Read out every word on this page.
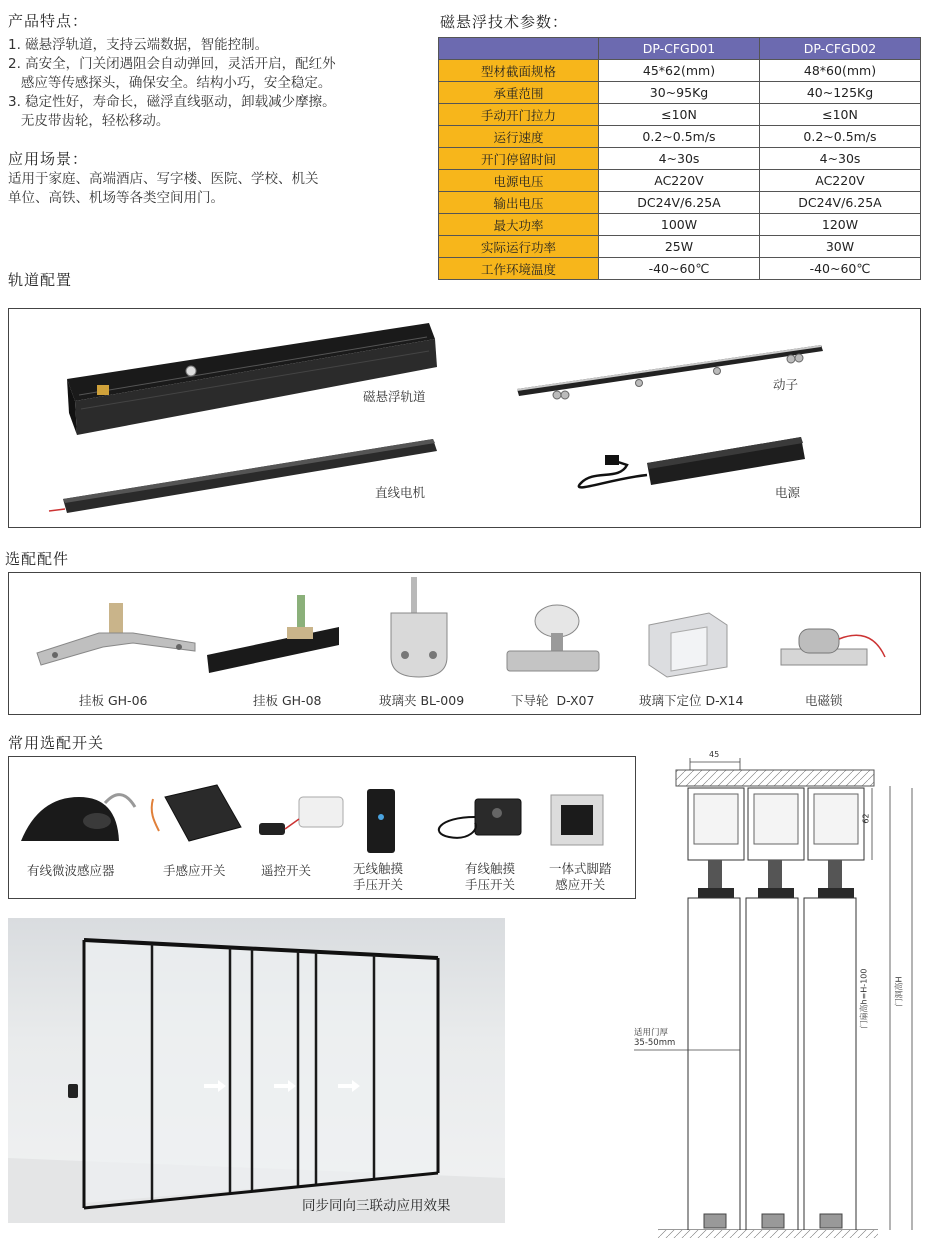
产品特点：
1. 磁悬浮轨道，支持云端数据，智能控制。
2. 高安全，门关闭遇阻会自动弹回，灵活开启，配红外
感应等传感探头，确保安全。结构小巧，安全稳定。
3. 稳定性好，寿命长，磁浮直线驱动，卸载减少摩擦。
无皮带齿轮，轻松移动。
应用场景：
适用于家庭、高端酒店、写字楼、医院、学校、机关
单位、高铁、机场等各类空间用门。
磁悬浮技术参数：
	DP-CFGD01	DP-CFGD02
型材截面规格	45*62(mm)	48*60(mm)
承重范围	30~95Kg	40~125Kg
手动开门拉力	≤10N	≤10N
运行速度	0.2~0.5m/s	0.2~0.5m/s
开门停留时间	4~30s	4~30s
电源电压	AC220V	AC220V
输出电压	DC24V/6.25A	DC24V/6.25A
最大功率	100W	120W
实际运行功率	25W	30W
工作环境温度	-40~60℃	-40~60℃
轨道配置
磁悬浮轨道
动子
直线电机	电源
选配配件
挂板 GH-06	挂板 GH-08	玻璃夹 BL-009	下导轮  D-X07	玻璃下定位 D-X14	电磁锁
常用选配开关
有线微波感应器	手感应开关	遥控开关	无线触摸
手压开关
有线触摸
手压开关
一体式脚踏
感应开关
同步同向三联动应用效果
45
62
适用门厚
35-50mm
门扇高h=H-100	门洞高H
